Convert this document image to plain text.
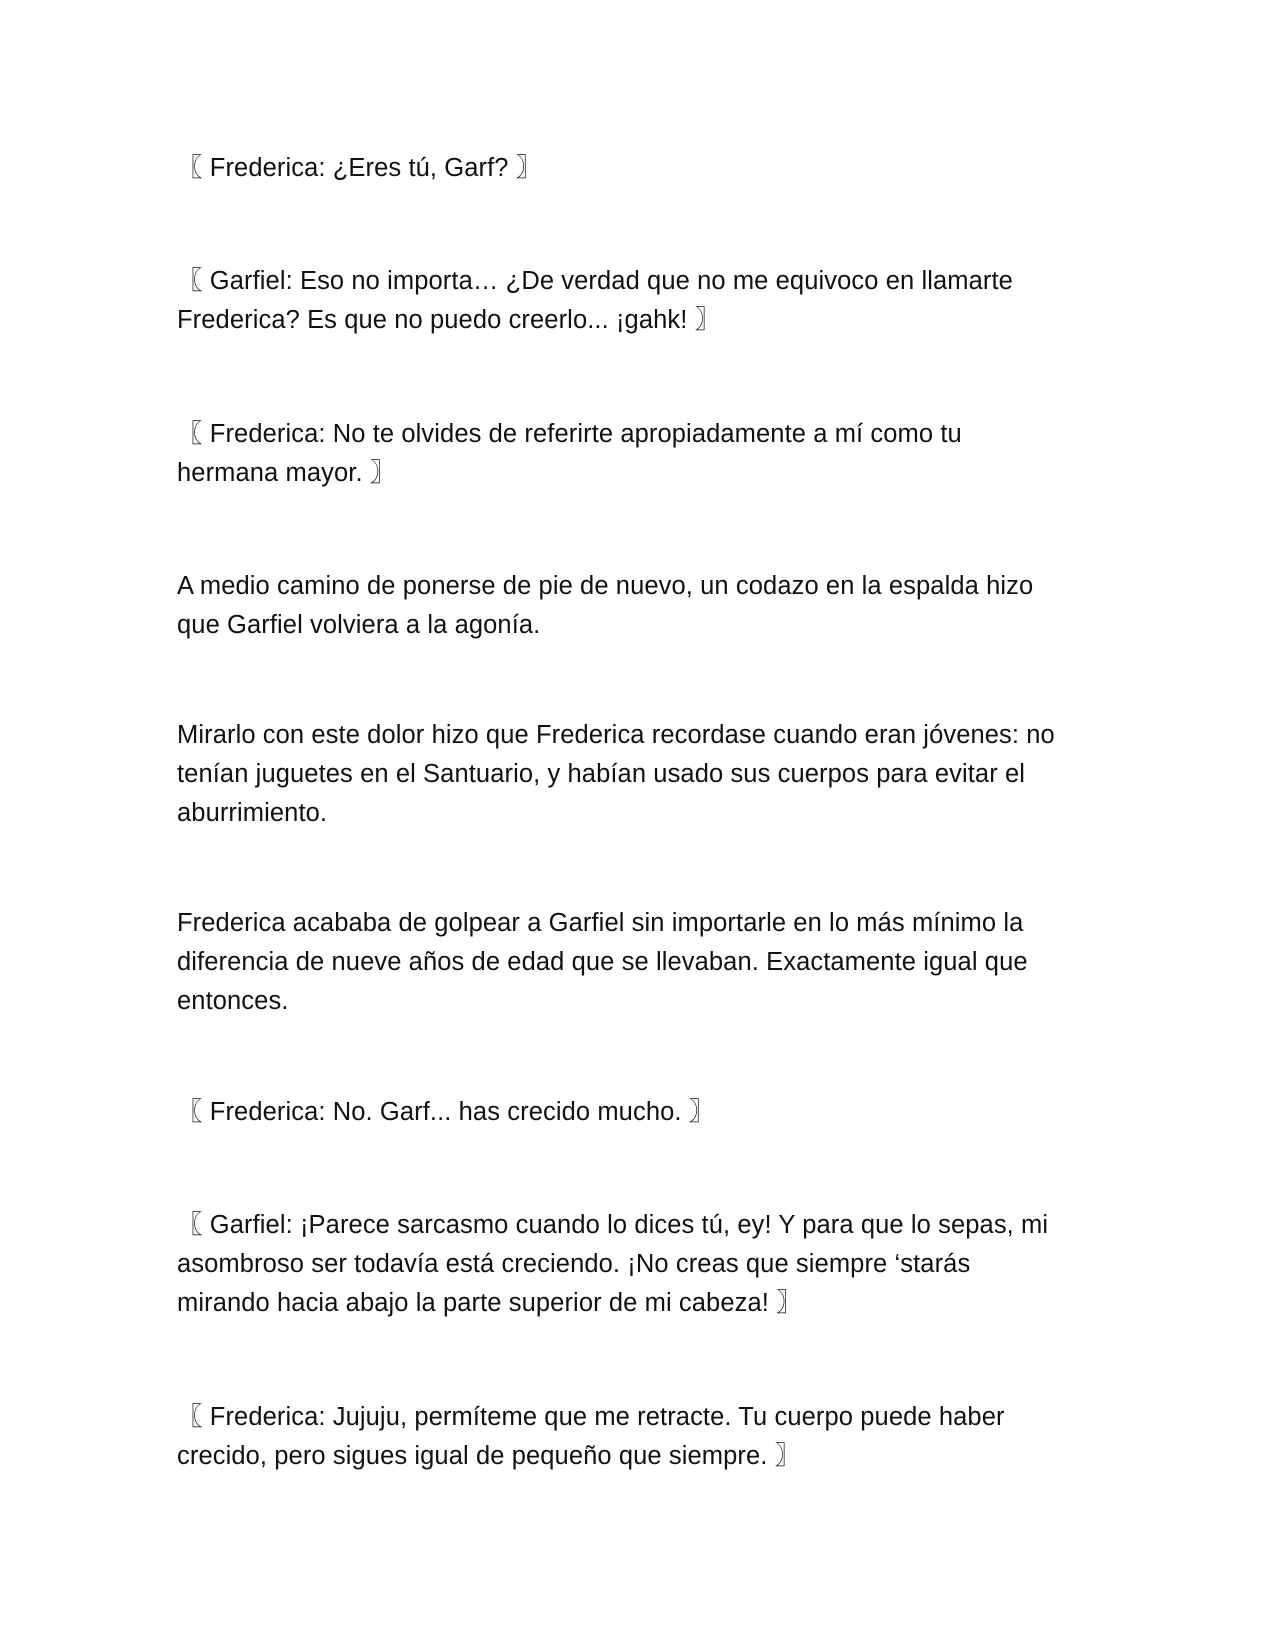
〖 Frederica: ¿Eres tú, Garf? 〗

〖 Garfiel: Eso no importa… ¿De verdad que no me equivoco en llamarte
Frederica? Es que no puedo creerlo... ¡gahk! 〗

〖 Frederica: No te olvides de referirte apropiadamente a mí como tu
hermana mayor. 〗

A medio camino de ponerse de pie de nuevo, un codazo en la espalda hizo
que Garfiel volviera a la agonía.

Mirarlo con este dolor hizo que Frederica recordase cuando eran jóvenes: no
tenían juguetes en el Santuario, y habían usado sus cuerpos para evitar el
aburrimiento.

Frederica acababa de golpear a Garfiel sin importarle en lo más mínimo la
diferencia de nueve años de edad que se llevaban. Exactamente igual que
entonces.

〖 Frederica: No. Garf... has crecido mucho. 〗

〖 Garfiel: ¡Parece sarcasmo cuando lo dices tú, ey! Y para que lo sepas, mi
asombroso ser todavía está creciendo. ¡No creas que siempre ‘starás
mirando hacia abajo la parte superior de mi cabeza! 〗

〖 Frederica: Jujuju, permíteme que me retracte. Tu cuerpo puede haber
crecido, pero sigues igual de pequeño que siempre. 〗
